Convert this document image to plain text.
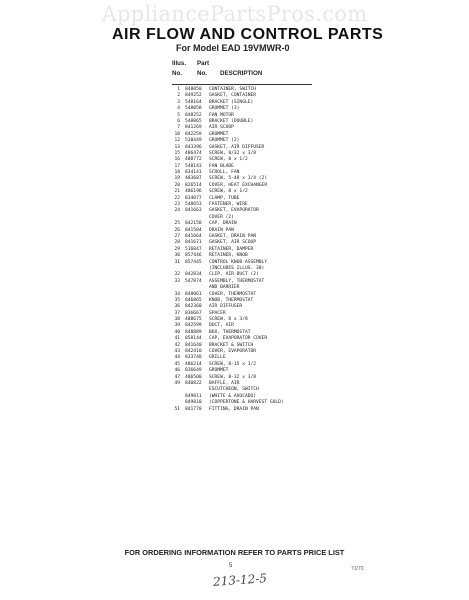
AppliancePartsPros.com
AIR FLOW AND CONTROL PARTS
For Model EAD 19VMWR-0
Illus. Part
No. No. DESCRIPTION
1 848050 CONTAINER, SWITCH
2 849252 GASKET, CONTAINER
3 548164 BRACKET (SINGLE)
4 548058 GROMMET (3)
5 848252 FAN MOTOR
6 548065 BRACKET (DOUBLE)
7 841269 AIR SCOOP
10 842259 GROMMET
12 538449 GROMMET (2)
13 843396 GASKET, AIR DIFFUSER
15 486474 SCREW, 8/32 x 3/8
16 488772 SCREW, 8 x 1/2
17 548143 FAN BLADE
18 834141 SCROLL, FAN
19 483687 SCREW, 5-48 x 1/4 (2)
20 826514 COVER, HEAT EXCHANGER
21 486196 SCREW, 8 x 1/2
22 834077 CLAMP, TUBE
23 548653 FASTENER, WIRE
24 841663 GASKET, EVAPORATOR
COVER (2)
25 842150 CAP, DRAIN
26 841504 DRAIN PAN
27 841664 GASKET, DRAIN PAN
28 841671 GASKET, AIR SCOOP
29 516047 RETAINER, DAMPER
30 857446 RETAINER, KNOB
31 857445 CONTROL KNOB ASSEMBLY
(INCLUDES ILLUS. 30)
32 842834 CLIP, AIR DUCT (2)
33 547874 ASSEMBLY, THERMOSTAT
AND BARRIER
34 848061 COVER, THERMOSTAT
35 846865 KNOB, THERMOSTAT
36 842360 AIR DIFFUSER
37 836667 SPACER
38 488675 SCREW, 8 x 3/8
39 842599 DUCT, AIR
40 848889 BOX, THERMOSTAT
41 858144 CAP, EVAPORATOR COVER
42 841640 BRACKET & SWITCH
43 842410 COVER, EVAPORATOR
44 833740 GRILLE
45 486214 SCREW, 8-15 x 1/2
46 836649 GROMMET
47 486500 SCREW, 8-32 x 3/8
49 840822 BAFFLE, AIR
ESCUTCHEON, SWITCH
849811 (WHITE & AVOCADO)
849810 (COPPERTONE & HARVEST GOLD)
51 841770 FITTING, DRAIN PAN
FOR ORDERING INFORMATION REFER TO PARTS PRICE LIST
5	71/70
213-12-5
